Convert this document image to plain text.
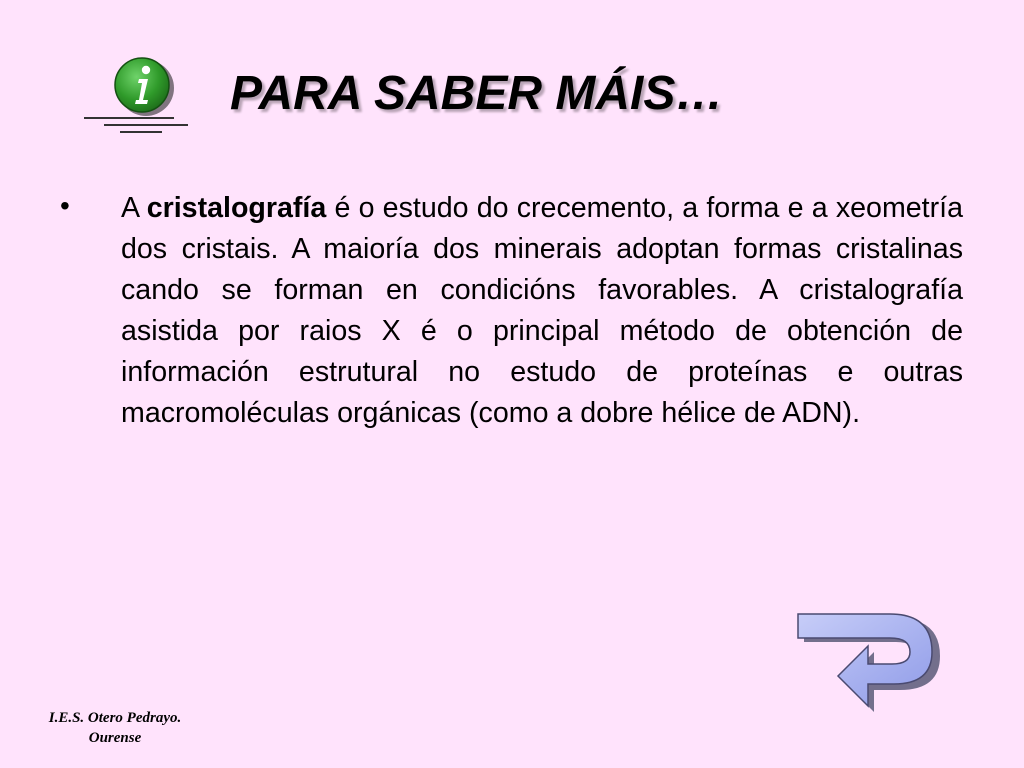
PARA SABER MÁIS…
• A cristalografía é o estudo do crecemento, a forma e a xeometría dos cristais. A maioría dos minerais adoptan formas cristalinas cando se forman en condicións favorables. A cristalografía asistida por raios X é o principal método de obtención de información estrutural no estudo de proteínas e outras macromoléculas orgánicas (como a dobre hélice de ADN).

I.E.S. Otero Pedrayo.
Ourense
